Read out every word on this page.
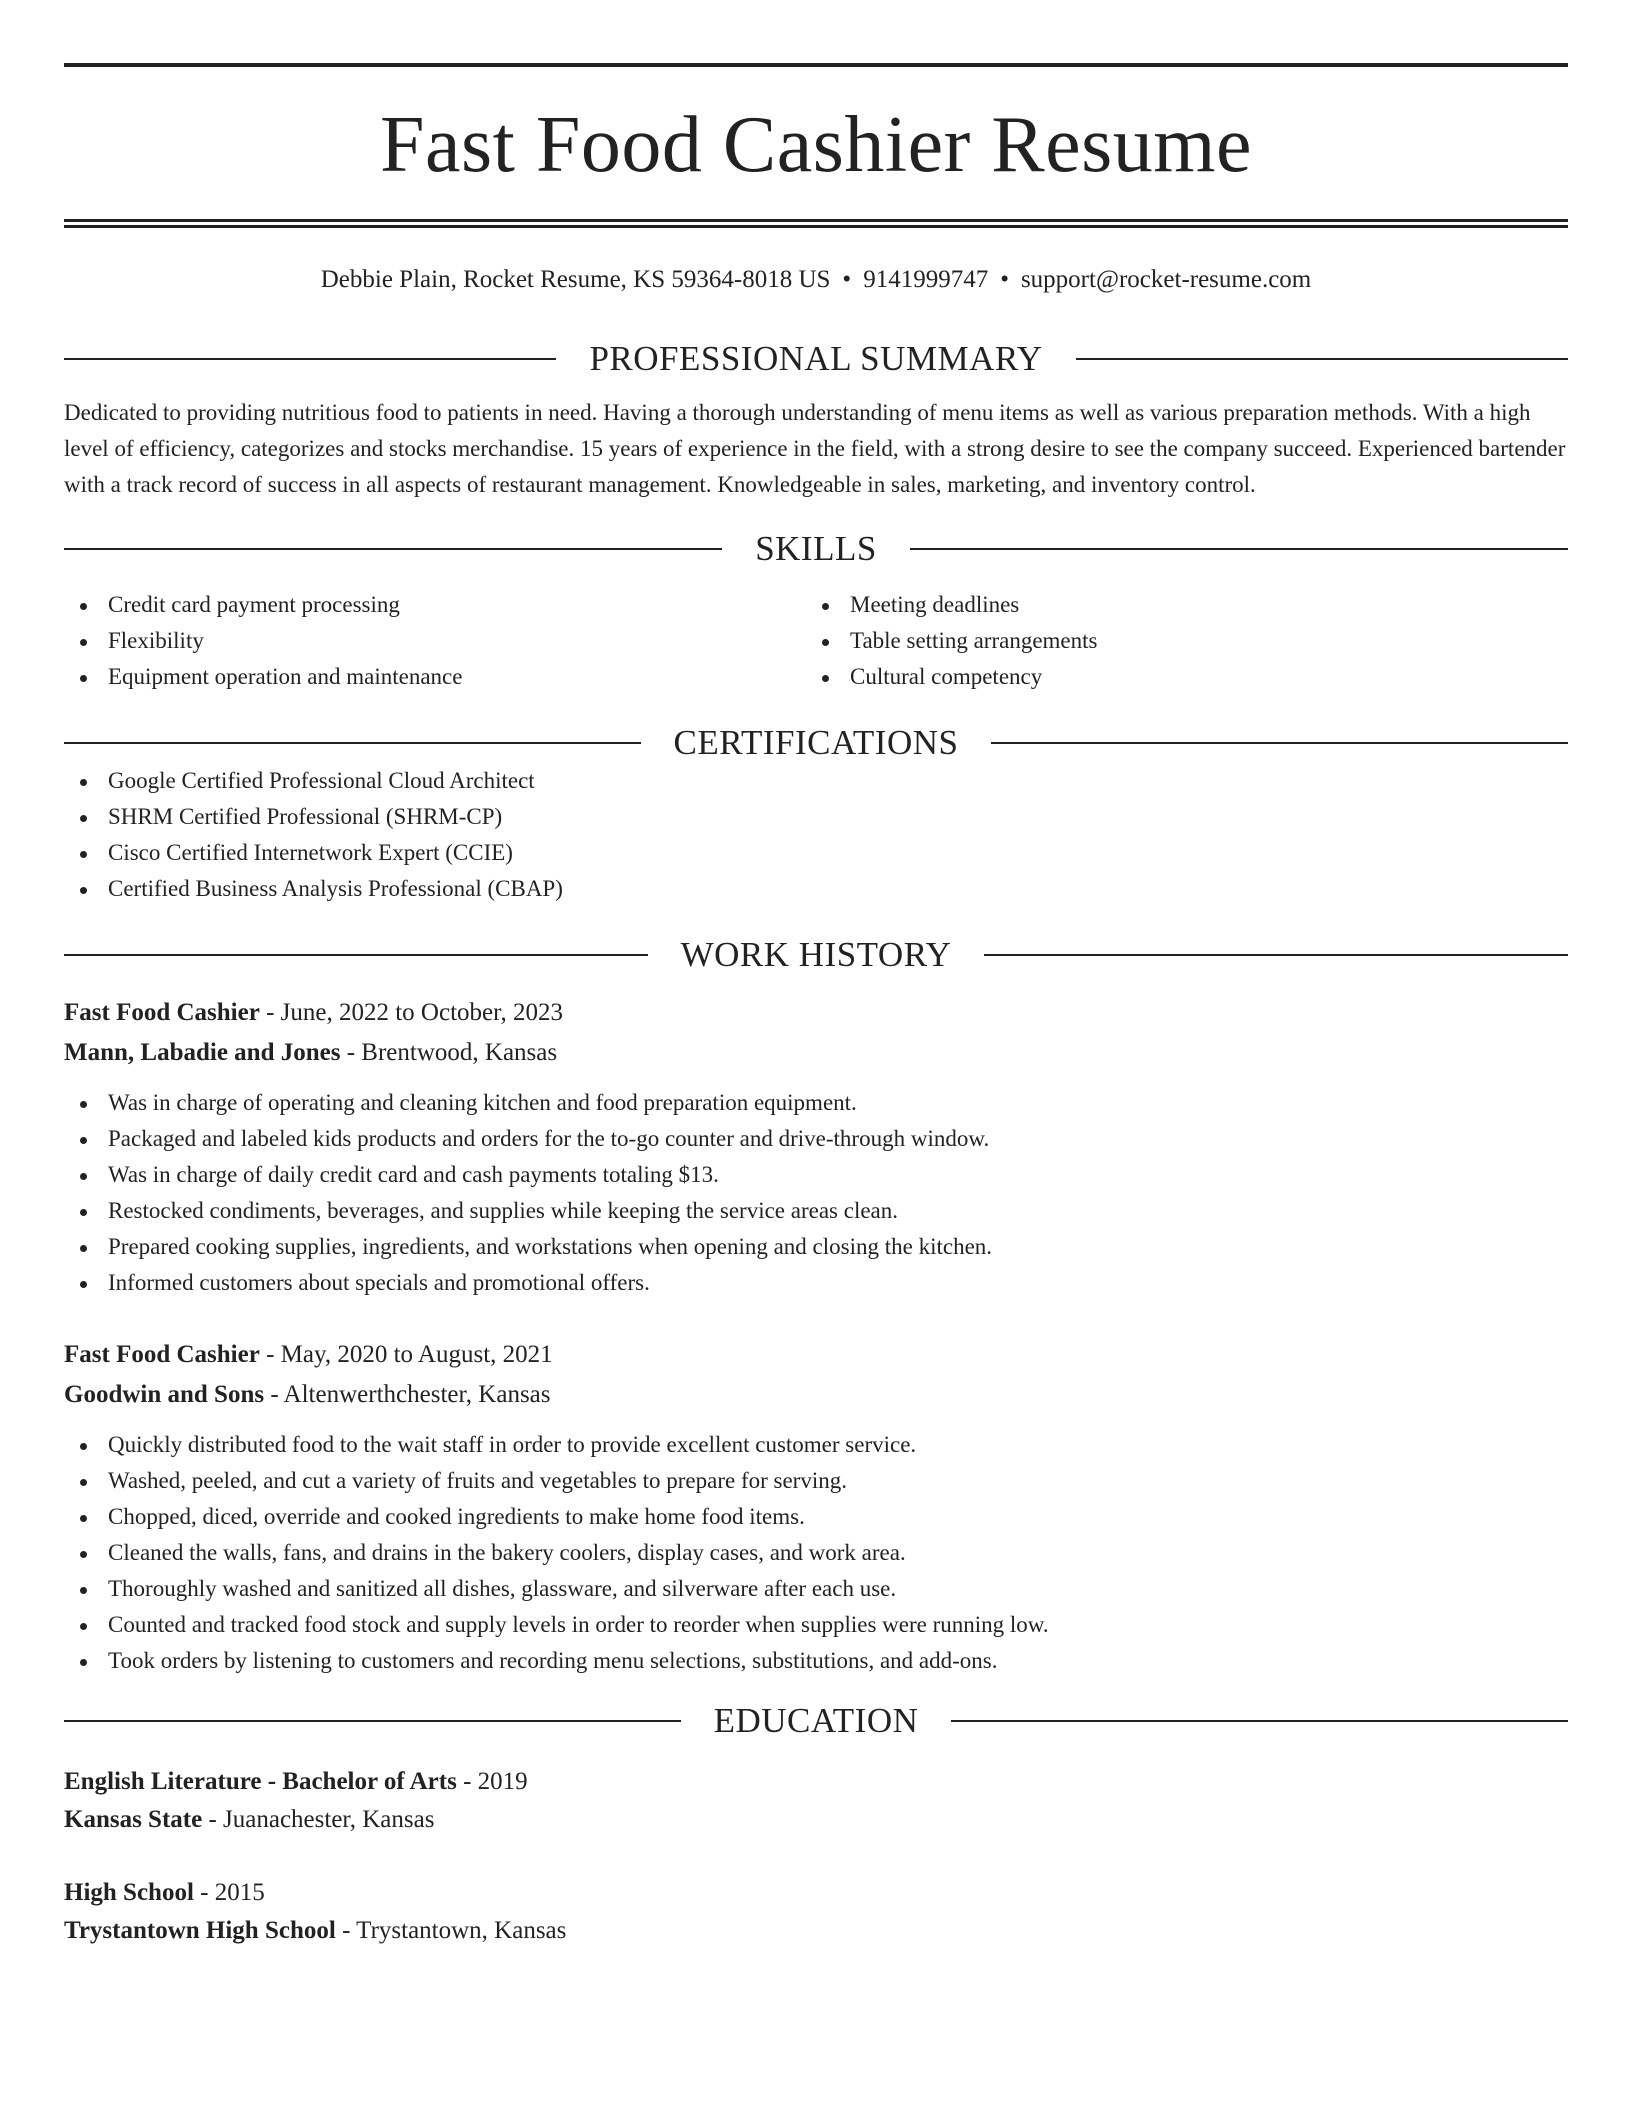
Fast Food Cashier Resume
Debbie Plain, Rocket Resume, KS 59364-8018 US • 9141999747 • support@rocket-resume.com
PROFESSIONAL SUMMARY
Dedicated to providing nutritious food to patients in need. Having a thorough understanding of menu items as well as various preparation methods. With a high level of efficiency, categorizes and stocks merchandise. 15 years of experience in the field, with a strong desire to see the company succeed. Experienced bartender with a track record of success in all aspects of restaurant management. Knowledgeable in sales, marketing, and inventory control.
SKILLS
Credit card payment processing
Flexibility
Equipment operation and maintenance
Meeting deadlines
Table setting arrangements
Cultural competency
CERTIFICATIONS
Google Certified Professional Cloud Architect
SHRM Certified Professional (SHRM-CP)
Cisco Certified Internetwork Expert (CCIE)
Certified Business Analysis Professional (CBAP)
WORK HISTORY
Fast Food Cashier - June, 2022 to October, 2023
Mann, Labadie and Jones - Brentwood, Kansas
Was in charge of operating and cleaning kitchen and food preparation equipment.
Packaged and labeled kids products and orders for the to-go counter and drive-through window.
Was in charge of daily credit card and cash payments totaling $13.
Restocked condiments, beverages, and supplies while keeping the service areas clean.
Prepared cooking supplies, ingredients, and workstations when opening and closing the kitchen.
Informed customers about specials and promotional offers.
Fast Food Cashier - May, 2020 to August, 2021
Goodwin and Sons - Altenwerthchester, Kansas
Quickly distributed food to the wait staff in order to provide excellent customer service.
Washed, peeled, and cut a variety of fruits and vegetables to prepare for serving.
Chopped, diced, override and cooked ingredients to make home food items.
Cleaned the walls, fans, and drains in the bakery coolers, display cases, and work area.
Thoroughly washed and sanitized all dishes, glassware, and silverware after each use.
Counted and tracked food stock and supply levels in order to reorder when supplies were running low.
Took orders by listening to customers and recording menu selections, substitutions, and add-ons.
EDUCATION
English Literature - Bachelor of Arts - 2019
Kansas State - Juanachester, Kansas
High School - 2015
Trystantown High School - Trystantown, Kansas
